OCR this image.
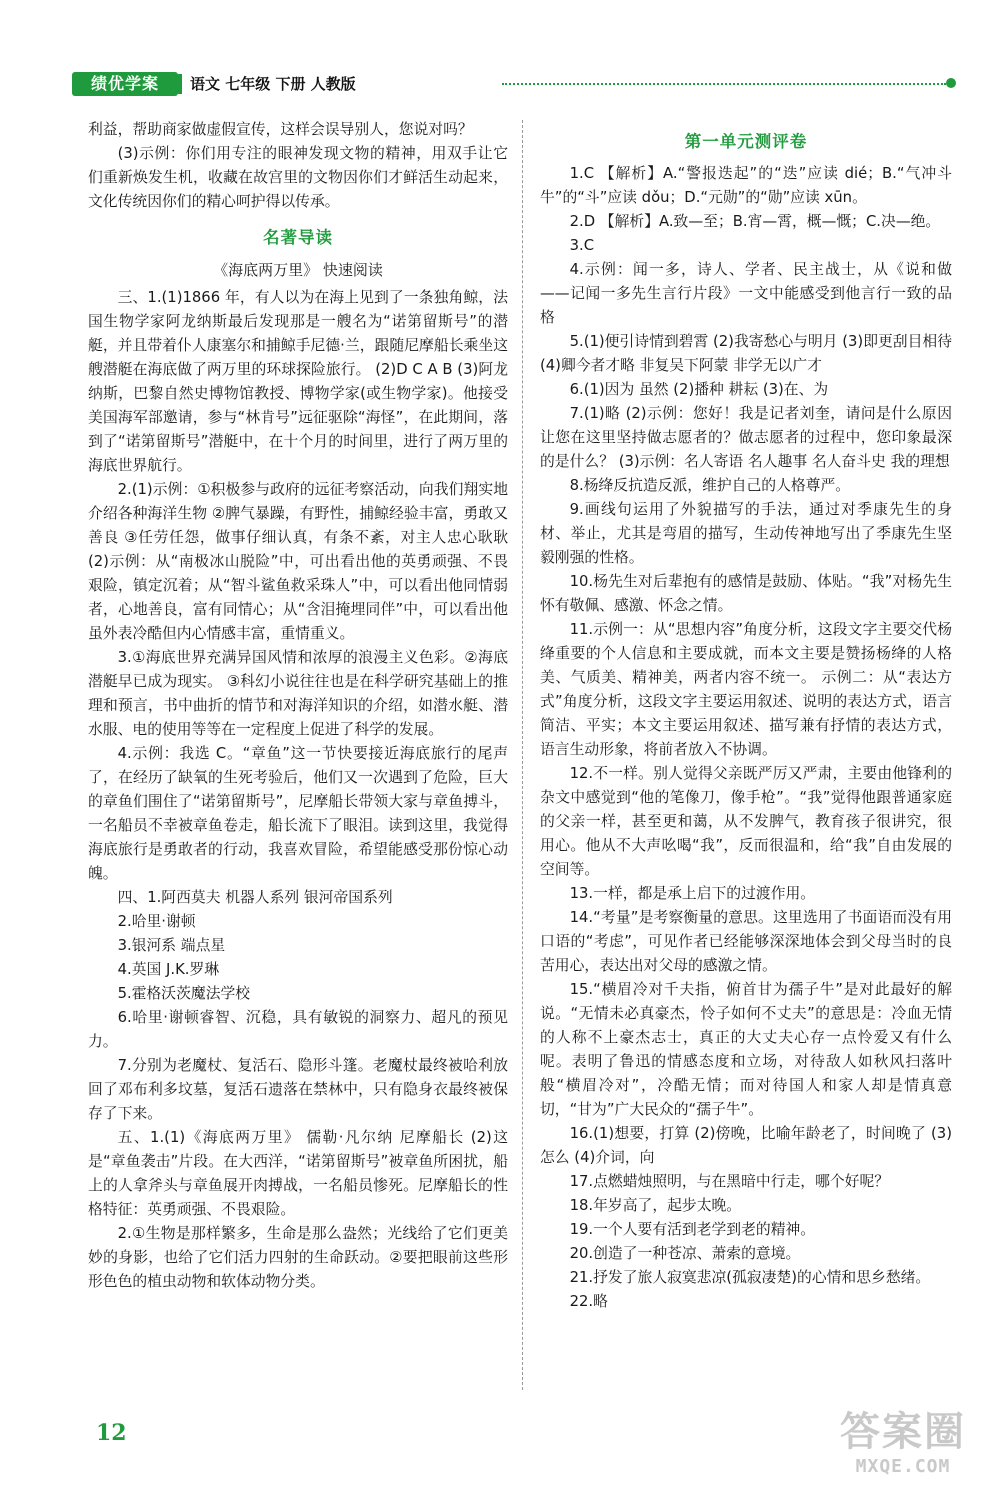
绩优学案	语文 七年级 下册 人教版

利益，帮助商家做虚假宣传，这样会误导别人，您说对吗？

(3)示例：你们用专注的眼神发现文物的精神，用双手让它们重新焕发生机，收藏在故宫里的文物因你们才鲜活生动起来，文化传统因你们的精心呵护得以传承。

名著导读

《海底两万里》 快速阅读

三、1.(1)1866 年，有人以为在海上见到了一条独角鲸，法国生物学家阿龙纳斯最后发现那是一艘名为“诺第留斯号”的潜艇，并且带着仆人康塞尔和捕鲸手尼德·兰，跟随尼摩船长乘坐这艘潜艇在海底做了两万里的环球探险旅行。 (2)D C A B (3)阿龙纳斯，巴黎自然史博物馆教授、博物学家(或生物学家)。他接受美国海军部邀请，参与“林肯号”远征驱除“海怪”，在此期间，落到了“诺第留斯号”潜艇中，在十个月的时间里，进行了两万里的海底世界航行。

2.(1)示例：①积极参与政府的远征考察活动，向我们翔实地介绍各种海洋生物 ②脾气暴躁，有野性，捕鲸经验丰富，勇敢又善良 ③任劳任怨，做事仔细认真，有条不紊，对主人忠心耿耿 (2)示例：从“南极冰山脱险”中，可出看出他的英勇顽强、不畏艰险，镇定沉着；从“智斗鲨鱼救采珠人”中，可以看出他同情弱者，心地善良，富有同情心；从“含泪掩埋同伴”中，可以看出他虽外表冷酷但内心情感丰富，重情重义。

3.①海底世界充满异国风情和浓厚的浪漫主义色彩。②海底潜艇早已成为现实。 ③科幻小说往往也是在科学研究基础上的推理和预言，书中曲折的情节和对海洋知识的介绍，如潜水艇、潜水服、电的使用等等在一定程度上促进了科学的发展。

4.示例：我选 C。“章鱼”这一节快要接近海底旅行的尾声了，在经历了缺氧的生死考验后，他们又一次遇到了危险，巨大的章鱼们围住了“诺第留斯号”，尼摩船长带领大家与章鱼搏斗，一名船员不幸被章鱼卷走，船长流下了眼泪。读到这里，我觉得海底旅行是勇敢者的行动，我喜欢冒险，希望能感受那份惊心动魄。

四、1.阿西莫夫 机器人系列 银河帝国系列

2.哈里·谢顿

3.银河系 端点星

4.英国 J.K.罗琳

5.霍格沃茨魔法学校

6.哈里·谢顿睿智、沉稳，具有敏锐的洞察力、超凡的预见力。

7.分别为老魔杖、复活石、隐形斗篷。老魔杖最终被哈利放回了邓布利多坟墓，复活石遗落在禁林中，只有隐身衣最终被保存了下来。

五、1.(1)《海底两万里》 儒勒·凡尔纳 尼摩船长 (2)这是“章鱼袭击”片段。在大西洋，“诺第留斯号”被章鱼所困扰，船上的人拿斧头与章鱼展开肉搏战，一名船员惨死。尼摩船长的性格特征：英勇顽强、不畏艰险。

2.①生物是那样繁多，生命是那么盎然；光线给了它们更美妙的身影，也给了它们活力四射的生命跃动。②要把眼前这些形形色色的植虫动物和软体动物分类。

第一单元测评卷

1.C 【解析】A.“警报迭起”的“迭”应读 dié；B.“气冲斗牛”的“斗”应读 dǒu；D.“元勋”的“勋”应读 xūn。

2.D 【解析】A.致—至；B.宵—霄，概—慨；C.决—绝。

3.C

4.示例：闻一多，诗人、学者、民主战士，从《说和做——记闻一多先生言行片段》一文中能感受到他言行一致的品格

5.(1)便引诗情到碧霄 (2)我寄愁心与明月 (3)即更刮目相待 (4)卿今者才略 非复吴下阿蒙 非学无以广才

6.(1)因为 虽然 (2)播种 耕耘 (3)在、为

7.(1)略 (2)示例：您好！我是记者刘奎，请问是什么原因让您在这里坚持做志愿者的？做志愿者的过程中，您印象最深的是什么？ (3)示例：名人寄语 名人趣事 名人奋斗史 我的理想

8.杨绛反抗造反派，维护自己的人格尊严。

9.画线句运用了外貌描写的手法，通过对季康先生的身材、举止，尤其是弯眉的描写，生动传神地写出了季康先生坚毅刚强的性格。

10.杨先生对后辈抱有的感情是鼓励、体贴。“我”对杨先生怀有敬佩、感激、怀念之情。

11.示例一：从“思想内容”角度分析，这段文字主要交代杨绛重要的个人信息和主要成就，而本文主要是赞扬杨绛的人格美、气质美、精神美，两者内容不统一。 示例二：从“表达方式”角度分析，这段文字主要运用叙述、说明的表达方式，语言简洁、平实；本文主要运用叙述、描写兼有抒情的表达方式，语言生动形象，将前者放入不协调。

12.不一样。别人觉得父亲既严厉又严肃，主要由他锋利的杂文中感觉到“他的笔像刀，像手枪”。“我”觉得他跟普通家庭的父亲一样，甚至更和蔼，从不发脾气，教育孩子很讲究，很用心。他从不大声吆喝“我”，反而很温和，给“我”自由发展的空间等。

13.一样，都是承上启下的过渡作用。

14.“考量”是考察衡量的意思。这里选用了书面语而没有用口语的“考虑”，可见作者已经能够深深地体会到父母当时的良苦用心，表达出对父母的感激之情。

15.“横眉冷对千夫指，俯首甘为孺子牛”是对此最好的解说。“无情未必真豪杰，怜子如何不丈夫”的意思是：冷血无情的人称不上豪杰志士，真正的大丈夫心存一点怜爱又有什么呢。表明了鲁迅的情感态度和立场，对待敌人如秋风扫落叶般“横眉冷对”，冷酷无情；而对待国人和家人却是情真意切，“甘为”广大民众的“孺子牛”。

16.(1)想要，打算 (2)傍晚，比喻年龄老了，时间晚了 (3)怎么 (4)介词，向

17.点燃蜡烛照明，与在黑暗中行走，哪个好呢？

18.年岁高了，起步太晚。

19.一个人要有活到老学到老的精神。

20.创造了一种苍凉、萧索的意境。

21.抒发了旅人寂寞悲凉(孤寂凄楚)的心情和思乡愁绪。

22.略

12	答案圈
MXQE.COM
